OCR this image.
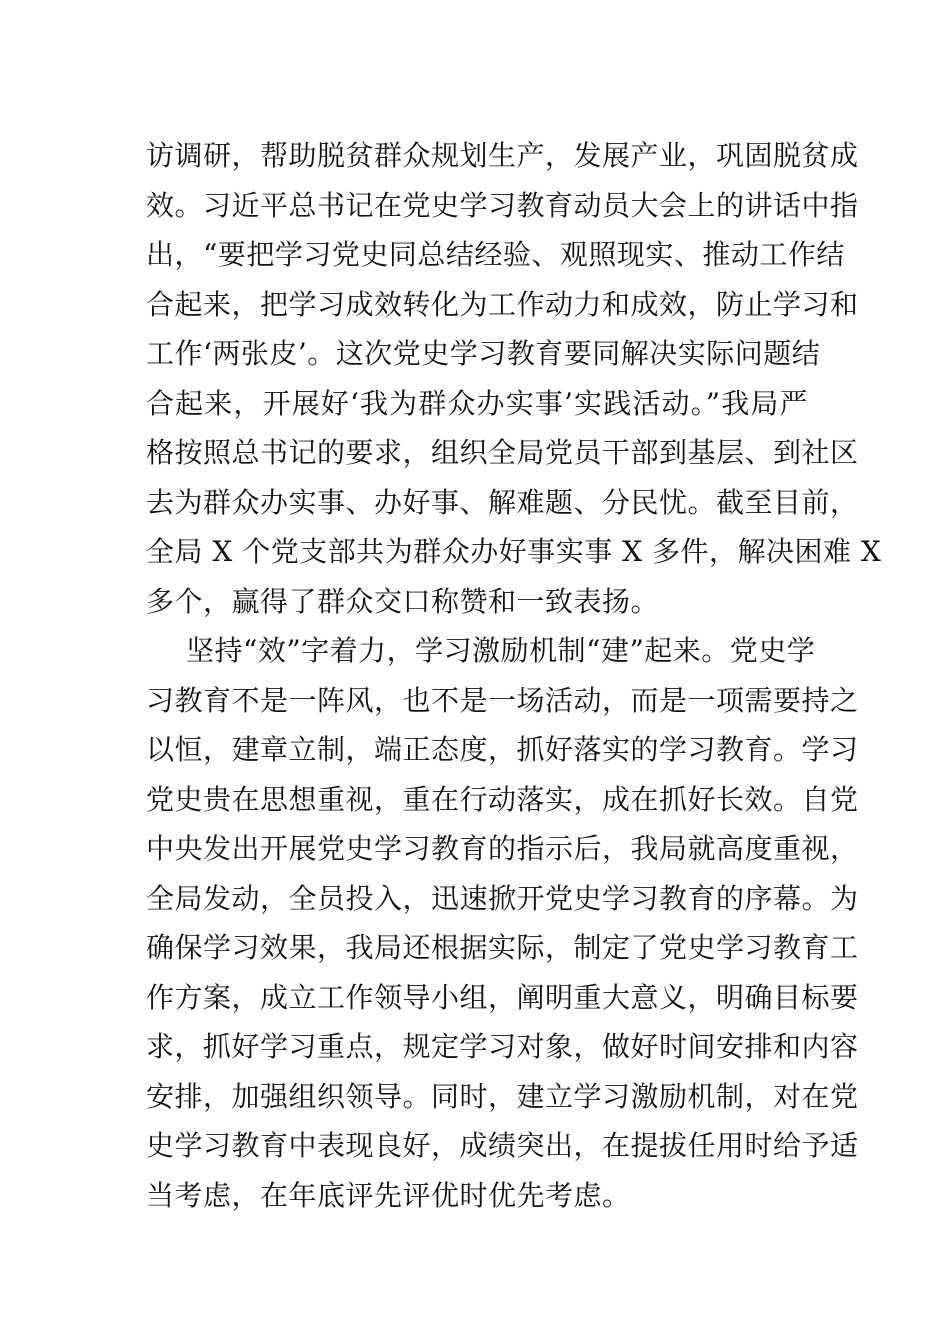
访调研，帮助脱贫群众规划生产，发展产业，巩固脱贫成
效。习近平总书记在党史学习教育动员大会上的讲话中指
出，“要把学习党史同总结经验、观照现实、推动工作结
合起来，把学习成效转化为工作动力和成效，防止学习和
工作‘两张皮’。这次党史学习教育要同解决实际问题结
合起来，开展好‘我为群众办实事’实践活动。”我局严
格按照总书记的要求，组织全局党员干部到基层、到社区
去为群众办实事、办好事、解难题、分民忧。截至目前，
全局 X 个党支部共为群众办好事实事 X 多件，解决困难 X
多个，赢得了群众交口称赞和一致表扬。
坚持“效”字着力，学习激励机制“建”起来。党史学
习教育不是一阵风，也不是一场活动，而是一项需要持之
以恒，建章立制，端正态度，抓好落实的学习教育。学习
党史贵在思想重视，重在行动落实，成在抓好长效。自党
中央发出开展党史学习教育的指示后，我局就高度重视，
全局发动，全员投入，迅速掀开党史学习教育的序幕。为
确保学习效果，我局还根据实际，制定了党史学习教育工
作方案，成立工作领导小组，阐明重大意义，明确目标要
求，抓好学习重点，规定学习对象，做好时间安排和内容
安排，加强组织领导。同时，建立学习激励机制，对在党
史学习教育中表现良好，成绩突出，在提拔任用时给予适
当考虑，在年底评先评优时优先考虑。
